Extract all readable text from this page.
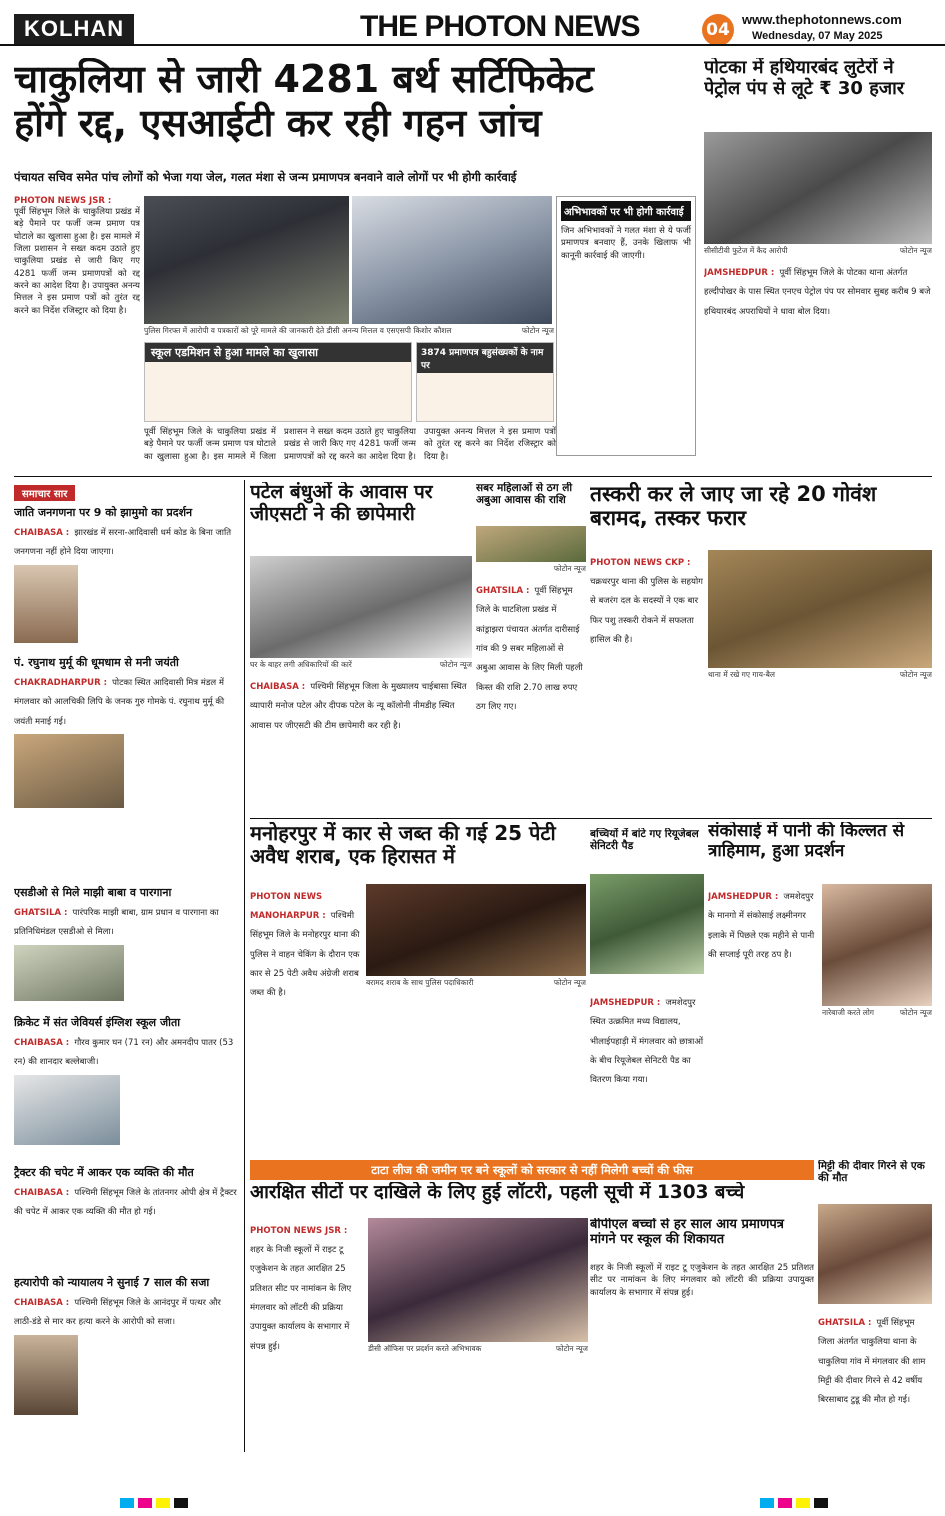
KOLHAN	THE PHOTON NEWS	04
www.thephotonnews.com
Wednesday, 07 May 2025
चाकुलिया से जारी 4281 बर्थ सर्टिफिकेट
होंगे रद्द, एसआईटी कर रही गहन जांच
पंचायत सचिव समेत पांच लोगों को भेजा गया जेल, गलत मंशा से जन्म प्रमाणपत्र बनवाने वाले लोगों पर भी होगी कार्रवाई
PHOTON NEWS JSR :
पूर्वी सिंहभूम जिले के चाकुलिया प्रखंड में बड़े पैमाने पर फर्जी जन्म प्रमाण पत्र घोटाले का खुलासा हुआ है। इस मामले में जिला प्रशासन ने सख्त कदम उठाते हुए चाकुलिया प्रखंड से जारी किए गए 4281 फर्जी जन्म प्रमाणपत्रों को रद्द करने का आदेश दिया है। उपायुक्त अनन्य मित्तल ने इस प्रमाण पत्रों को तुरंत रद्द करने का निर्देश रजिस्ट्रार को दिया है।
पुलिस गिरफ्त में आरोपी व पत्रकारों को पूरे मामले की जानकारी देते डीसी अनन्य मित्तल व एसएसपी किशोर कौशल	फोटोन न्यूज
अभिभावकों पर भी होगी कार्रवाई
जिन अभिभावकों ने गलत मंशा से ये फर्जी प्रमाणपत्र बनवाए हैं, उनके खिलाफ भी कानूनी कार्रवाई की जाएगी।
स्कूल एडमिशन से हुआ मामले का खुलासा	3874 प्रमाणपत्र बहुसंख्यकों के नाम पर
पूर्वी सिंहभूम जिले के चाकुलिया प्रखंड में बड़े पैमाने पर फर्जी जन्म प्रमाण पत्र घोटाले का खुलासा हुआ है। इस मामले में जिला प्रशासन ने सख्त कदम उठाते हुए चाकुलिया प्रखंड से जारी किए गए 4281 फर्जी जन्म प्रमाणपत्रों को रद्द करने का आदेश दिया है। उपायुक्त अनन्य मित्तल ने इस प्रमाण पत्रों को तुरंत रद्द करने का निर्देश रजिस्ट्रार को दिया है।
पोटका में हथियारबंद लुटेरों ने पेट्रोल पंप से लूटे ₹ 30 हजार
सीसीटीवी फुटेज में कैद आरोपी	फोटोन न्यूज
JAMSHEDPUR : पूर्वी सिंहभूम जिले के पोटका थाना अंतर्गत हल्दीपोखर के पास स्थित एनएच पेट्रोल पंप पर सोमवार सुबह करीब 9 बजे हथियारबंद अपराधियों ने धावा बोल दिया।
समाचार सार
जाति जनगणना पर 9 को झामुमो का प्रदर्शन
CHAIBASA : झारखंड में सरना-आदिवासी धर्म कोड के बिना जाति जनगणना नहीं होने दिया जाएगा।
पं. रघुनाथ मुर्मू की धूमधाम से मनी जयंती
CHAKRADHARPUR : पोटका स्थित आदिवासी मित्र मंडल में मंगलवार को आलचिकी लिपि के जनक गुरु गोमके पं. रघुनाथ मुर्मू की जयंती मनाई गई।
एसडीओ से मिले माझी बाबा व पारगाना
GHATSILA : पारंपरिक माझी बाबा, ग्राम प्रधान व पारगाना का प्रतिनिधिमंडल एसडीओ से मिला।
क्रिकेट में संत जेवियर्स इंग्लिश स्कूल जीता
CHAIBASA : गौरव कुमार घन (71 रन) और अमनदीप पातर (53 रन) की शानदार बल्लेबाजी।
ट्रैक्टर की चपेट में आकर एक व्यक्ति की मौत
CHAIBASA : पश्चिमी सिंहभूम जिले के तांतनगर ओपी क्षेत्र में ट्रैक्टर की चपेट में आकर एक व्यक्ति की मौत हो गई।
हत्यारोपी को न्यायालय ने सुनाई 7 साल की सजा
CHAIBASA : पश्चिमी सिंहभूम जिले के आनंदपुर में पत्थर और लाठी-डंडे से मार कर हत्या करने के आरोपी को सजा।
पटेल बंधुओं के आवास पर जीएसटी ने की छापेमारी
घर के बाहर लगी अधिकारियों की कारें	फोटोन न्यूज
CHAIBASA : पश्चिमी सिंहभूम जिला के मुख्यालय चाईबासा स्थित व्यापारी मनोज पटेल और दीपक पटेल के न्यू कॉलोनी नीमडीह स्थित आवास पर जीएसटी की टीम छापेमारी कर रही है।
सबर महिलाओं से ठग ली अबुआ आवास की राशि
फोटोन न्यूज
GHATSILA : पूर्वी सिंहभूम जिले के घाटशिला प्रखंड में कांड्राझरा पंचायत अंतर्गत दारीसाई गांव की 9 सबर महिलाओं से अबुआ आवास के लिए मिली पहली किस्त की राशि 2.70 लाख रुपए ठग लिए गए।
तस्करी कर ले जाए जा रहे 20 गोवंश बरामद, तस्कर फरार
PHOTON NEWS CKP : चक्रधरपुर थाना की पुलिस के सहयोग से बजरंग दल के सदस्यों ने एक बार फिर पशु तस्करी रोकने में सफलता हासिल की है।
थाना में रखे गए गाय-बैल	फोटोन न्यूज
मनोहरपुर में कार से जब्त की गई 25 पेटी अवैध शराब, एक हिरासत में
PHOTON NEWS MANOHARPUR : पश्चिमी सिंहभूम जिले के मनोहरपुर थाना की पुलिस ने वाहन चेकिंग के दौरान एक कार से 25 पेटी अवैध अंग्रेजी शराब जब्त की है।
बरामद शराब के साथ पुलिस पदाधिकारी	फोटोन न्यूज
बच्चियों में बांटे गए रियूजेबल सेनिटरी पैड
JAMSHEDPUR : जमशेदपुर स्थित उत्क्रमित मध्य विद्यालय, भीलाईपहाड़ी में मंगलवार को छात्राओं के बीच रियूजेबल सेनिटरी पैड का वितरण किया गया।
संकोसाई में पानी की किल्लत से त्राहिमाम, हुआ प्रदर्शन
JAMSHEDPUR : जमशेदपुर के मानगो में संकोसाई लक्ष्मीनगर इलाके में पिछले एक महीने से पानी की सप्लाई पूरी तरह ठप है।
नारेबाजी करते लोग	फोटोन न्यूज
मिट्टी की दीवार गिरने से एक की मौत
GHATSILA : पूर्वी सिंहभूम जिला अंतर्गत चाकुलिया थाना के चाकुलिया गांव में मंगलवार की शाम मिट्टी की दीवार गिरने से 42 वर्षीय बिरसाबाद टुडू की मौत हो गई।
टाटा लीज की जमीन पर बने स्कूलों को सरकार से नहीं मिलेगी बच्चों की फीस
आरक्षित सीटों पर दाखिले के लिए हुई लॉटरी, पहली सूची में 1303 बच्चे
PHOTON NEWS JSR : शहर के निजी स्कूलों में राइट टू एजुकेशन के तहत आरक्षित 25 प्रतिशत सीट पर नामांकन के लिए मंगलवार को लॉटरी की प्रक्रिया उपायुक्त कार्यालय के सभागार में संपन्न हुई।	डीसी ऑफिस पर प्रदर्शन करते अभिभावक	फोटोन न्यूज
बीपीएल बच्चों से हर साल आय प्रमाणपत्र मांगने पर स्कूल की शिकायत
शहर के निजी स्कूलों में राइट टू एजुकेशन के तहत आरक्षित 25 प्रतिशत सीट पर नामांकन के लिए मंगलवार को लॉटरी की प्रक्रिया उपायुक्त कार्यालय के सभागार में संपन्न हुई।
